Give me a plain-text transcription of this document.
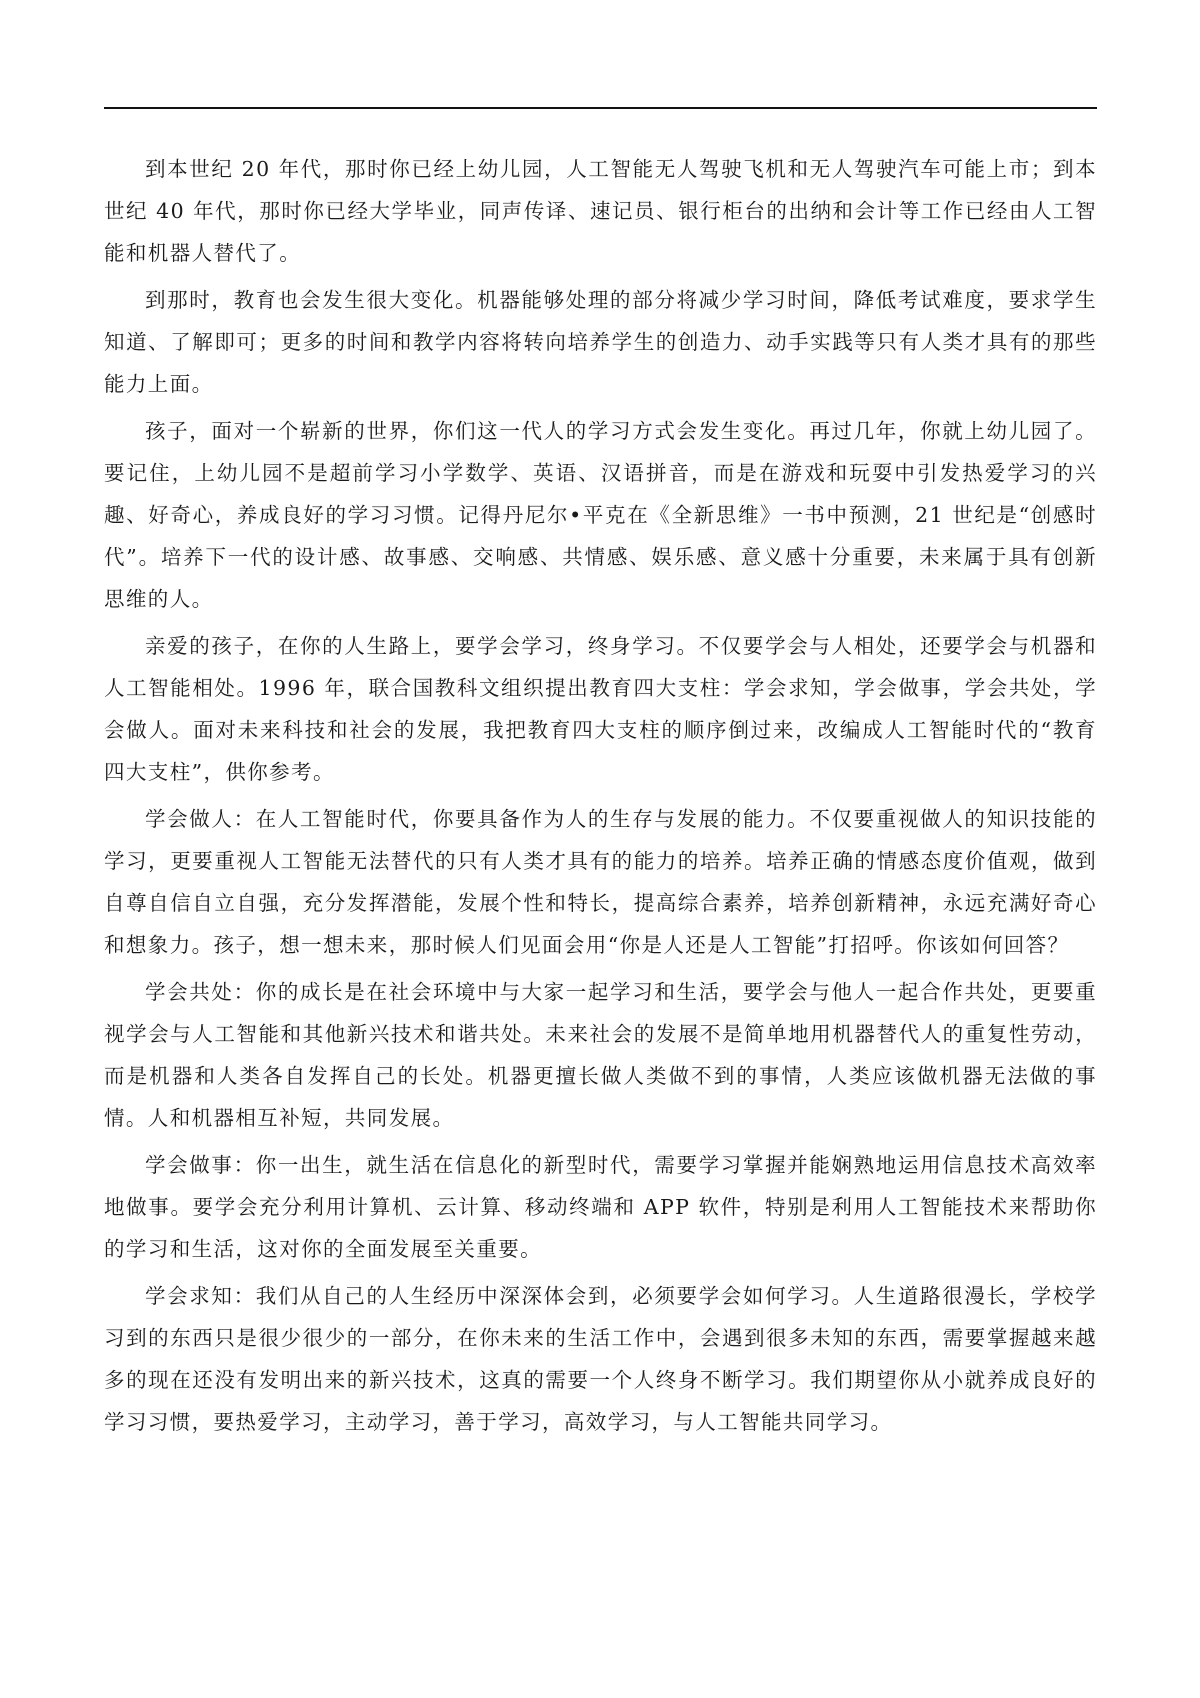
到本世纪 20 年代，那时你已经上幼儿园，人工智能无人驾驶飞机和无人驾驶汽车可能上市；到本世纪 40 年代，那时你已经大学毕业，同声传译、速记员、银行柜台的出纳和会计等工作已经由人工智能和机器人替代了。

到那时，教育也会发生很大变化。机器能够处理的部分将减少学习时间，降低考试难度，要求学生知道、了解即可；更多的时间和教学内容将转向培养学生的创造力、动手实践等只有人类才具有的那些能力上面。

孩子，面对一个崭新的世界，你们这一代人的学习方式会发生变化。再过几年，你就上幼儿园了。要记住，上幼儿园不是超前学习小学数学、英语、汉语拼音，而是在游戏和玩耍中引发热爱学习的兴趣、好奇心，养成良好的学习习惯。记得丹尼尔•平克在《全新思维》一书中预测，21 世纪是“创感时代”。培养下一代的设计感、故事感、交响感、共情感、娱乐感、意义感十分重要，未来属于具有创新思维的人。

亲爱的孩子，在你的人生路上，要学会学习，终身学习。不仅要学会与人相处，还要学会与机器和人工智能相处。1996 年，联合国教科文组织提出教育四大支柱：学会求知，学会做事，学会共处，学会做人。面对未来科技和社会的发展，我把教育四大支柱的顺序倒过来，改编成人工智能时代的“教育四大支柱”，供你参考。

学会做人：在人工智能时代，你要具备作为人的生存与发展的能力。不仅要重视做人的知识技能的学习，更要重视人工智能无法替代的只有人类才具有的能力的培养。培养正确的情感态度价值观，做到自尊自信自立自强，充分发挥潜能，发展个性和特长，提高综合素养，培养创新精神，永远充满好奇心和想象力。孩子，想一想未来，那时候人们见面会用“你是人还是人工智能”打招呼。你该如何回答？

学会共处：你的成长是在社会环境中与大家一起学习和生活，要学会与他人一起合作共处，更要重视学会与人工智能和其他新兴技术和谐共处。未来社会的发展不是简单地用机器替代人的重复性劳动，而是机器和人类各自发挥自己的长处。机器更擅长做人类做不到的事情，人类应该做机器无法做的事情。人和机器相互补短，共同发展。

学会做事：你一出生，就生活在信息化的新型时代，需要学习掌握并能娴熟地运用信息技术高效率地做事。要学会充分利用计算机、云计算、移动终端和 APP 软件，特别是利用人工智能技术来帮助你的学习和生活，这对你的全面发展至关重要。

学会求知：我们从自己的人生经历中深深体会到，必须要学会如何学习。人生道路很漫长，学校学习到的东西只是很少很少的一部分，在你未来的生活工作中，会遇到很多未知的东西，需要掌握越来越多的现在还没有发明出来的新兴技术，这真的需要一个人终身不断学习。我们期望你从小就养成良好的学习习惯，要热爱学习，主动学习，善于学习，高效学习，与人工智能共同学习。
